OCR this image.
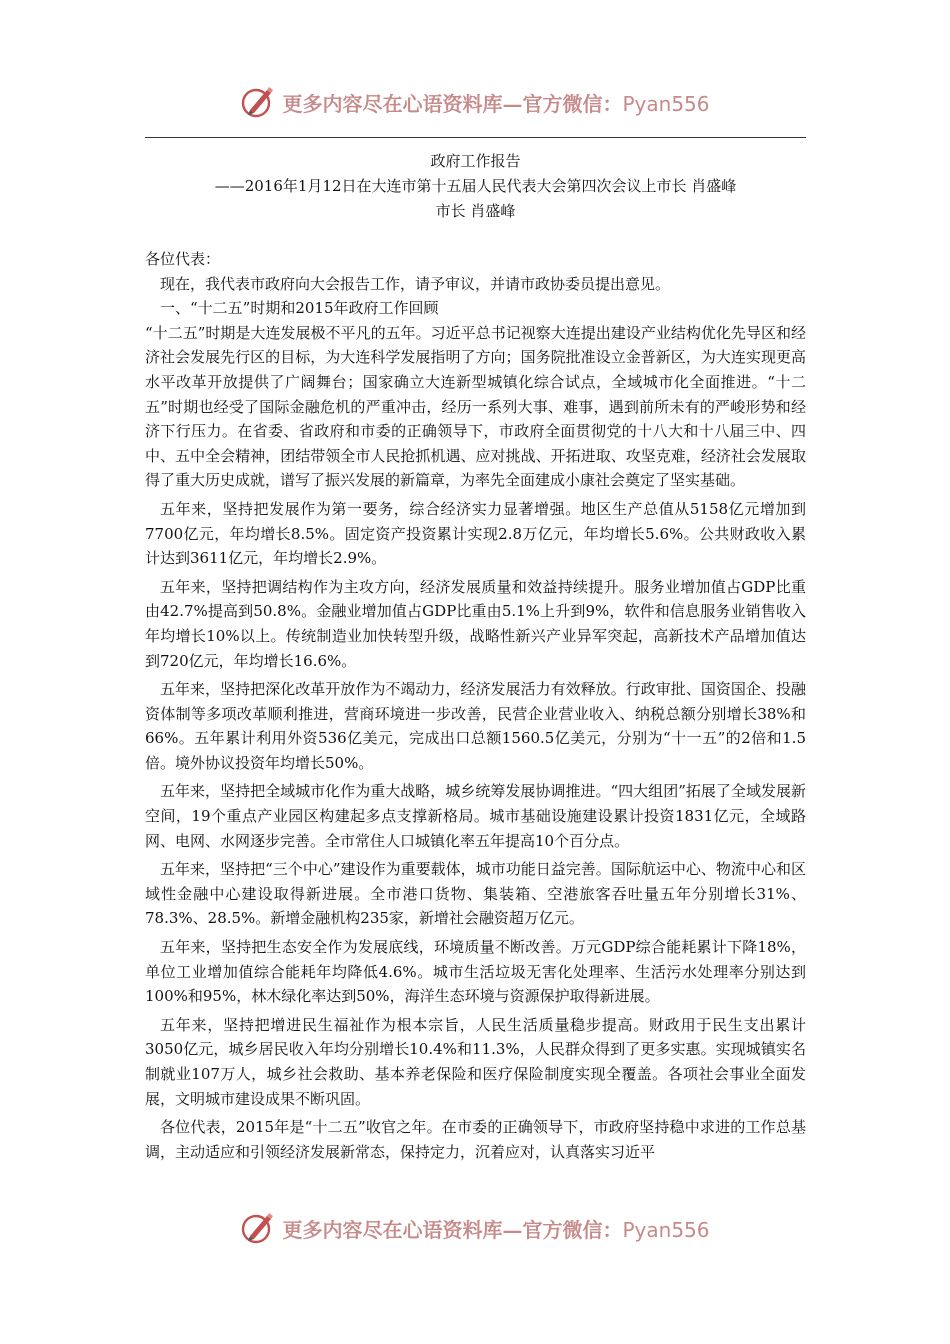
更多内容尽在心语资料库—官方微信：Pyan556
政府工作报告
——2016年1月12日在大连市第十五届人民代表大会第四次会议上市长 肖盛峰
市长 肖盛峰

各位代表：

现在，我代表市政府向大会报告工作，请予审议，并请市政协委员提出意见。

一、“十二五”时期和2015年政府工作回顾

“十二五”时期是大连发展极不平凡的五年。习近平总书记视察大连提出建设产业结构优化先导区和经济社会发展先行区的目标，为大连科学发展指明了方向；国务院批准设立金普新区，为大连实现更高水平改革开放提供了广阔舞台；国家确立大连新型城镇化综合试点，全域城市化全面推进。“十二五”时期也经受了国际金融危机的严重冲击，经历一系列大事、难事，遇到前所未有的严峻形势和经济下行压力。在省委、省政府和市委的正确领导下，市政府全面贯彻党的十八大和十八届三中、四中、五中全会精神，团结带领全市人民抢抓机遇、应对挑战、开拓进取、攻坚克难，经济社会发展取得了重大历史成就，谱写了振兴发展的新篇章，为率先全面建成小康社会奠定了坚实基础。

五年来，坚持把发展作为第一要务，综合经济实力显著增强。地区生产总值从5158亿元增加到7700亿元，年均增长8.5%。固定资产投资累计实现2.8万亿元，年均增长5.6%。公共财政收入累计达到3611亿元，年均增长2.9%。

五年来，坚持把调结构作为主攻方向，经济发展质量和效益持续提升。服务业增加值占GDP比重由42.7%提高到50.8%。金融业增加值占GDP比重由5.1%上升到9%，软件和信息服务业销售收入年均增长10%以上。传统制造业加快转型升级，战略性新兴产业异军突起，高新技术产品增加值达到720亿元，年均增长16.6%。

五年来，坚持把深化改革开放作为不竭动力，经济发展活力有效释放。行政审批、国资国企、投融资体制等多项改革顺利推进，营商环境进一步改善，民营企业营业收入、纳税总额分别增长38%和66%。五年累计利用外资536亿美元，完成出口总额1560.5亿美元，分别为“十一五”的2倍和1.5倍。境外协议投资年均增长50%。

五年来，坚持把全域城市化作为重大战略，城乡统筹发展协调推进。“四大组团”拓展了全域发展新空间，19个重点产业园区构建起多点支撑新格局。城市基础设施建设累计投资1831亿元，全域路网、电网、水网逐步完善。全市常住人口城镇化率五年提高10个百分点。

五年来，坚持把“三个中心”建设作为重要载体，城市功能日益完善。国际航运中心、物流中心和区域性金融中心建设取得新进展。全市港口货物、集装箱、空港旅客吞吐量五年分别增长31%、78.3%、28.5%。新增金融机构235家，新增社会融资超万亿元。

五年来，坚持把生态安全作为发展底线，环境质量不断改善。万元GDP综合能耗累计下降18%，单位工业增加值综合能耗年均降低4.6%。城市生活垃圾无害化处理率、生活污水处理率分别达到100%和95%，林木绿化率达到50%，海洋生态环境与资源保护取得新进展。

五年来，坚持把增进民生福祉作为根本宗旨，人民生活质量稳步提高。财政用于民生支出累计3050亿元，城乡居民收入年均分别增长10.4%和11.3%，人民群众得到了更多实惠。实现城镇实名制就业107万人，城乡社会救助、基本养老保险和医疗保险制度实现全覆盖。各项社会事业全面发展，文明城市建设成果不断巩固。

各位代表，2015年是“十二五”收官之年。在市委的正确领导下，市政府坚持稳中求进的工作总基调，主动适应和引领经济发展新常态，保持定力，沉着应对，认真落实习近平

更多内容尽在心语资料库—官方微信：Pyan556
